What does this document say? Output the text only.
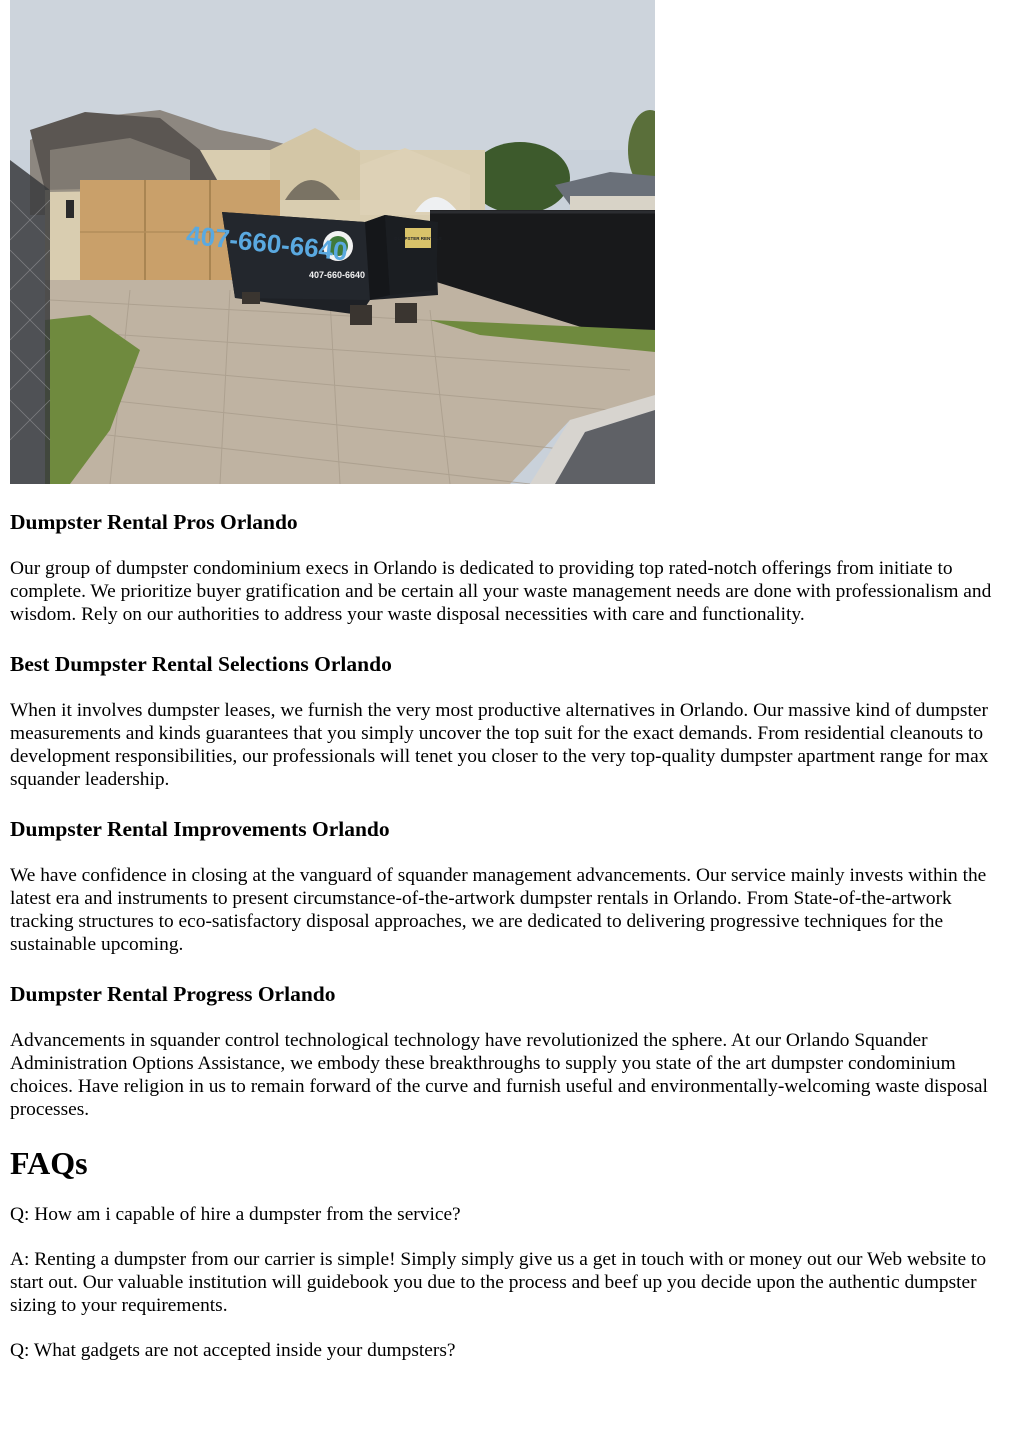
407-660-6640
407-660-6640
DUMPSTER RENTALS
Dumpster Rental Pros Orlando

Our group of dumpster condominium execs in Orlando is dedicated to providing top rated-notch offerings from initiate to complete. We prioritize buyer gratification and be certain all your waste management needs are done with professionalism and wisdom. Rely on our authorities to address your waste disposal necessities with care and functionality.

Best Dumpster Rental Selections Orlando

When it involves dumpster leases, we furnish the very most productive alternatives in Orlando. Our massive kind of dumpster measurements and kinds guarantees that you simply uncover the top suit for the exact demands. From residential cleanouts to development responsibilities, our professionals will tenet you closer to the very top-quality dumpster apartment range for max squander leadership.

Dumpster Rental Improvements Orlando

We have confidence in closing at the vanguard of squander management advancements. Our service mainly invests within the latest era and instruments to present circumstance-of-the-artwork dumpster rentals in Orlando. From State-of-the-artwork tracking structures to eco-satisfactory disposal approaches, we are dedicated to delivering progressive techniques for the sustainable upcoming.

Dumpster Rental Progress Orlando

Advancements in squander control technological technology have revolutionized the sphere. At our Orlando Squander Administration Options Assistance, we embody these breakthroughs to supply you state of the art dumpster condominium choices. Have religion in us to remain forward of the curve and furnish useful and environmentally-welcoming waste disposal processes.

FAQs

Q: How am i capable of hire a dumpster from the service?

A: Renting a dumpster from our carrier is simple! Simply simply give us a get in touch with or money out our Web website to start out. Our valuable institution will guidebook you due to the process and beef up you decide upon the authentic dumpster sizing to your requirements.

Q: What gadgets are not accepted inside your dumpsters?
